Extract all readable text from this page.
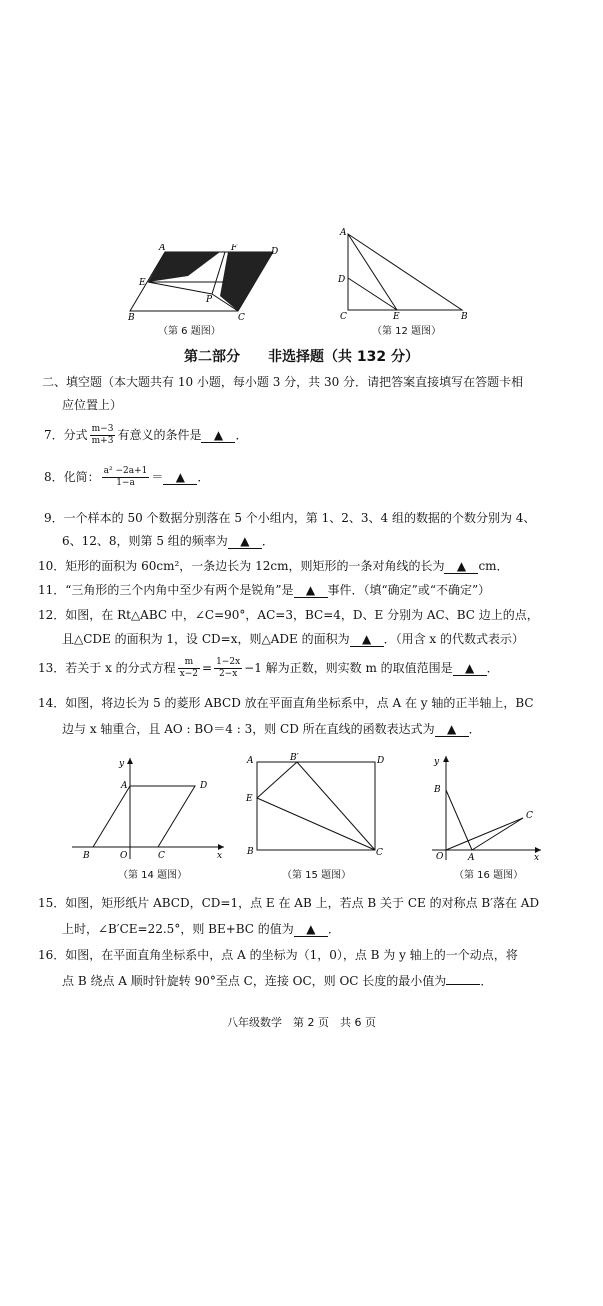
A	F	D
E
P
B	C
（第 6 题图）
A
D
C	E	B
（第 12 题图）
第二部分　　非选择题（共 132 分）
二、填空题（本大题共有 10 小题，每小题 3 分，共 30 分．请把答案直接填写在答题卡相
应位置上）
7．分式 $\frac{m-3}{m+3}$ 有意义的条件是 ▲ ．
8．化简： $\frac{\text{a² −2a+1}}{1-a}$ ＝ ▲ ．
9．一个样本的 50 个数据分别落在 5 个小组内，第 1、2、3、4 组的数据的个数分别为 4、
6、12、8，则第 5 组的频率为 ▲ ．
10．矩形的面积为 60cm²，一条边长为 12cm，则矩形的一条对角线的长为 ▲ cm．
11．“三角形的三个内角中至少有两个是锐角”是 ▲ 事件．（填“确定”或“不确定”）
12．如图，在 Rt△ABC 中，∠C=90°，AC=3，BC=4，D、E 分别为 AC、BC 边上的点，
且△CDE 的面积为 1，设 CD=x，则△ADE 的面积为 ▲ ．（用含 x 的代数式表示）
13．若关于 x 的分式方程 $\frac{m}{x-2} = \frac{1-2x}{2-x} -1$ 解为正数，则实数 m 的取值范围是 ▲ ．
14．如图，将边长为 5 的菱形 ABCD 放在平面直角坐标系中，点 A 在 y 轴的正半轴上，BC
边与 x 轴重合，且 AO : BO＝4 : 3，则 CD 所在直线的函数表达式为 ▲ ．
y
A	D
B	O	C	x
（第 14 题图）
A	B′	D
E
B	C
（第 15 题图）
y
B
C
O	A	x
（第 16 题图）
15．如图，矩形纸片 ABCD，CD=1，点 E 在 AB 上，若点 B 关于 CE 的对称点 B′落在 AD
上时，∠B′CE=22.5°，则 BE+BC 的值为 ▲ ．
16．如图，在平面直角坐标系中，点 A 的坐标为（1，0），点 B 为 y 轴上的一个动点，将
点 B 绕点 A 顺时针旋转 90°至点 C，连接 OC，则 OC 长度的最小值为	．
八年级数学　第 2 页　共 6 页
